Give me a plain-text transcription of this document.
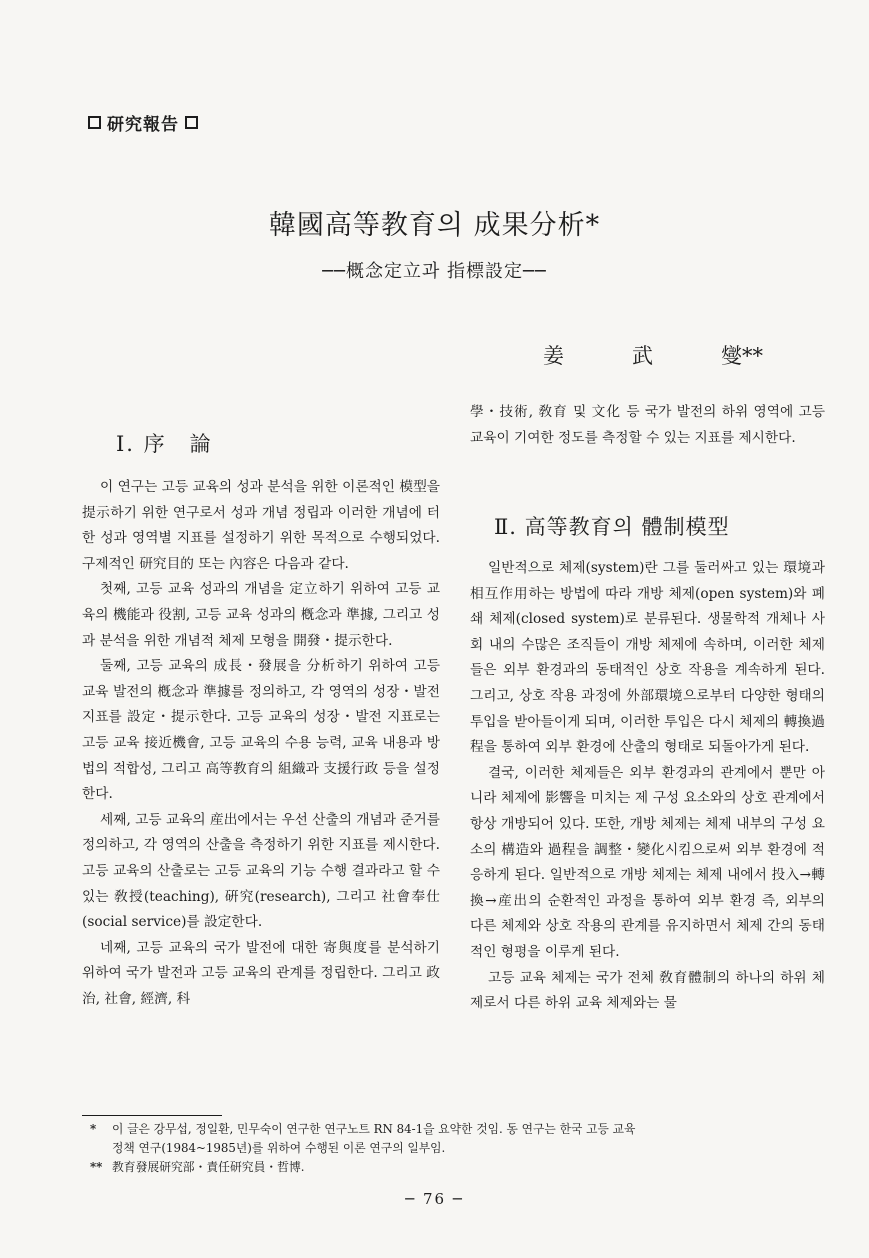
研究報告
韓國高等教育의 成果分析*
──概念定立과 指標設定──
姜	武	燮**
Ⅰ. 序　論

이 연구는 고등 교육의 성과 분석을 위한 이론적인 模型을 提示하기 위한 연구로서 성과 개념 정립과 이러한 개념에 터한 성과 영역별 지표를 설정하기 위한 목적으로 수행되었다. 구제적인 研究目的 또는 內容은 다음과 같다.

첫째, 고등 교육 성과의 개념을 定立하기 위하여 고등 교육의 機能과 役割, 고등 교육 성과의 槪念과 準據, 그리고 성과 분석을 위한 개념적 체제 모형을 開發・提示한다.

둘째, 고등 교육의 成長・發展을 分析하기 위하여 고등 교육 발전의 槪念과 準據를 정의하고, 각 영역의 성장・발전 지표를 設定・提示한다. 고등 교육의 성장・발전 지표로는 고등 교육 接近機會, 고등 교육의 수용 능력, 교육 내용과 방법의 적합성, 그리고 高等教育의 組織과 支援行政 등을 설정한다.

세째, 고등 교육의 産出에서는 우선 산출의 개념과 준거를 정의하고, 각 영역의 산출을 측정하기 위한 지표를 제시한다. 고등 교육의 산출로는 고등 교육의 기능 수행 결과라고 할 수 있는 敎授(teaching), 硏究(research), 그리고 社會奉仕(social service)를 設定한다.

네째, 고등 교육의 국가 발전에 대한 寄與度를 분석하기 위하여 국가 발전과 고등 교육의 관계를 정립한다. 그리고 政治, 社會, 經濟, 科

學・技術, 敎育 및 文化 등 국가 발전의 하위 영역에 고등 교육이 기여한 정도를 측정할 수 있는 지표를 제시한다.

Ⅱ. 高等教育의 體制模型

일반적으로 체제(system)란 그를 둘러싸고 있는 環境과 相互作用하는 방법에 따라 개방 체제(open system)와 폐쇄 체제(closed system)로 분류된다. 생물학적 개체나 사회 내의 수많은 조직들이 개방 체제에 속하며, 이러한 체제들은 외부 환경과의 동태적인 상호 작용을 계속하게 된다. 그리고, 상호 작용 과정에 外部環境으로부터 다양한 형태의 투입을 받아들이게 되며, 이러한 투입은 다시 체제의 轉換過程을 통하여 외부 환경에 산출의 형태로 되돌아가게 된다.

결국, 이러한 체제들은 외부 환경과의 관계에서 뿐만 아니라 체제에 影響을 미치는 제 구성 요소와의 상호 관계에서 항상 개방되어 있다. 또한, 개방 체제는 체제 내부의 구성 요소의 構造와 過程을 調整・變化시킴으로써 외부 환경에 적응하게 된다. 일반적으로 개방 체제는 체제 내에서 投入→轉換→産出의 순환적인 과정을 통하여 외부 환경 즉, 외부의 다른 체제와 상호 작용의 관계를 유지하면서 체제 간의 동태적인 형평을 이루게 된다.

고등 교육 체제는 국가 전체 敎育體制의 하나의 하위 체제로서 다른 하위 교육 체제와는 물

*	이 글은 강무섭, 정일환, 민무숙이 연구한 연구노트 RN 84-1을 요약한 것임. 동 연구는 한국 고등 교육
정책 연구(1984~1985년)를 위하여 수행된 이론 연구의 일부임.
** 教育發展研究部・責任研究員・哲博.
─ 76 ─
